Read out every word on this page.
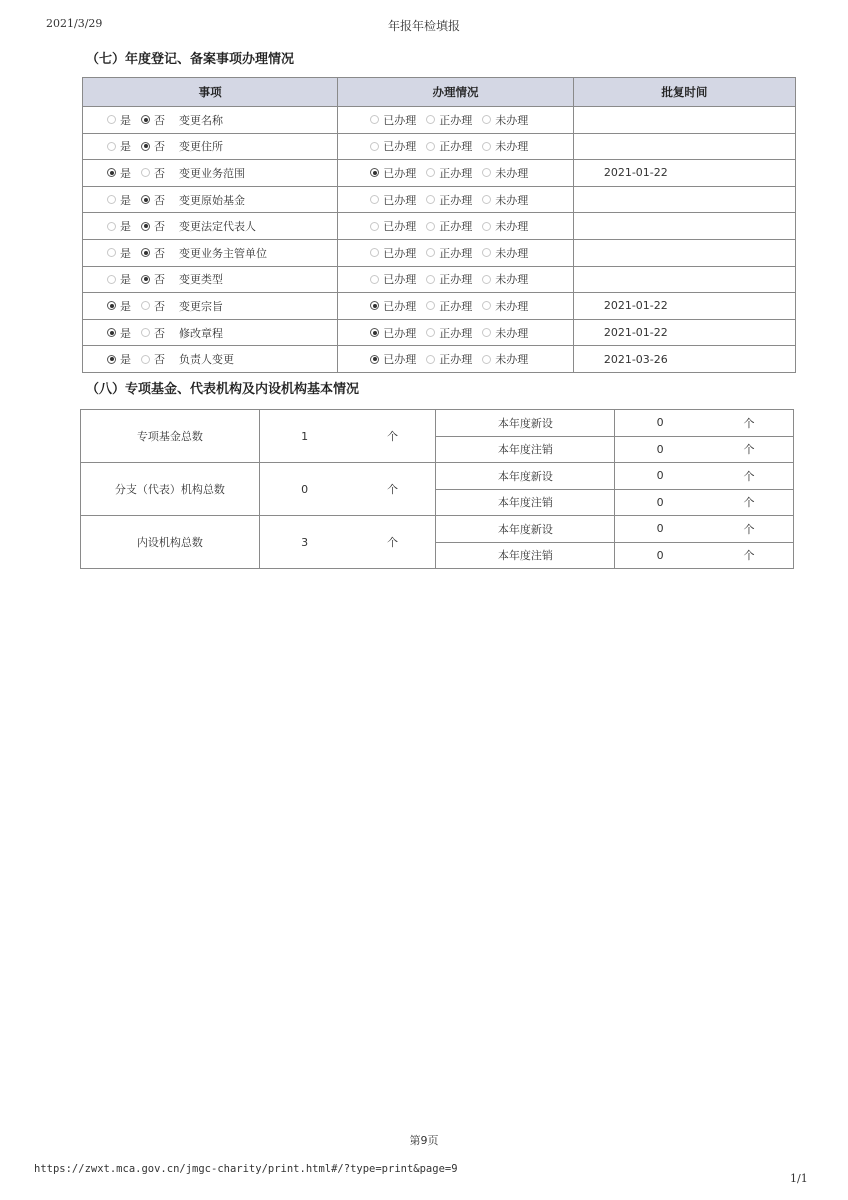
2021/3/29	年报年检填报
（七）年度登记、备案事项办理情况
事项	办理情况	批复时间

是 否 变更名称	已办理 正办理 未办理	

是 否 变更住所	已办理 正办理 未办理	

是 否 变更业务范围	已办理 正办理 未办理	2021-01-22

是 否 变更原始基金	已办理 正办理 未办理	

是 否 变更法定代表人	已办理 正办理 未办理	

是 否 变更业务主管单位	已办理 正办理 未办理	

是 否 变更类型	已办理 正办理 未办理	

是 否 变更宗旨	已办理 正办理 未办理	2021-01-22

是 否 修改章程	已办理 正办理 未办理	2021-01-22

是 否 负责人变更	已办理 正办理 未办理	2021-03-26
（八）专项基金、代表机构及内设机构基本情况
专项基金总数	1	个	本年度新设	0	个
			本年度注销	0	个
分支（代表）机构总数	0	个	本年度新设	0	个
			本年度注销	0	个
内设机构总数	3	个	本年度新设	0	个
			本年度注销	0	个
第9页
https://zwxt.mca.gov.cn/jmgc-charity/print.html#/?type=print&page=9
1/1
